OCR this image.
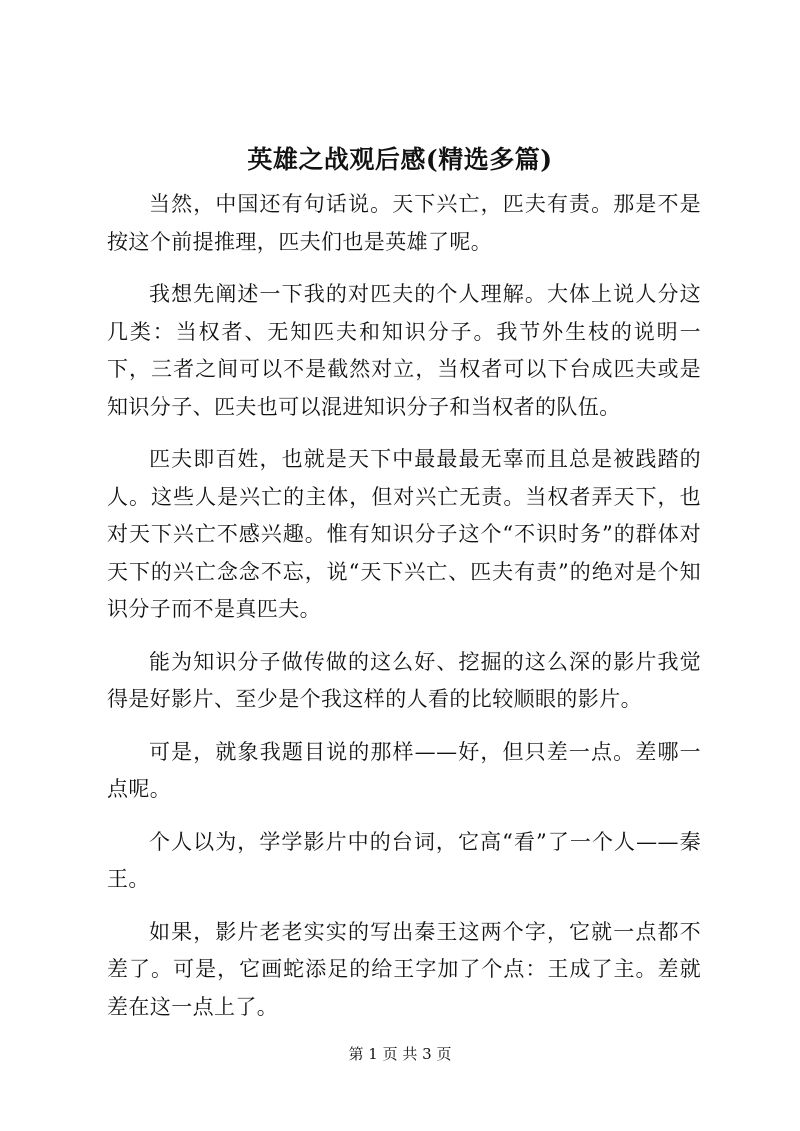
英雄之战观后感(精选多篇)

当然，中国还有句话说。天下兴亡，匹夫有责。那是不是按这个前提推理，匹夫们也是英雄了呢。

我想先阐述一下我的对匹夫的个人理解。大体上说人分这几类：当权者、无知匹夫和知识分子。我节外生枝的说明一下，三者之间可以不是截然对立，当权者可以下台成匹夫或是知识分子、匹夫也可以混进知识分子和当权者的队伍。

匹夫即百姓，也就是天下中最最最无辜而且总是被践踏的人。这些人是兴亡的主体，但对兴亡无责。当权者弄天下，也对天下兴亡不感兴趣。惟有知识分子这个“不识时务”的群体对天下的兴亡念念不忘，说“天下兴亡、匹夫有责”的绝对是个知识分子而不是真匹夫。

能为知识分子做传做的这么好、挖掘的这么深的影片我觉得是好影片、至少是个我这样的人看的比较顺眼的影片。

可是，就象我题目说的那样——好，但只差一点。差哪一点呢。

个人以为，学学影片中的台词，它高“看”了一个人——秦王。

如果，影片老老实实的写出秦王这两个字，它就一点都不差了。可是，它画蛇添足的给王字加了个点：王成了主。差就差在这一点上了。

第 1 页 共 3 页
